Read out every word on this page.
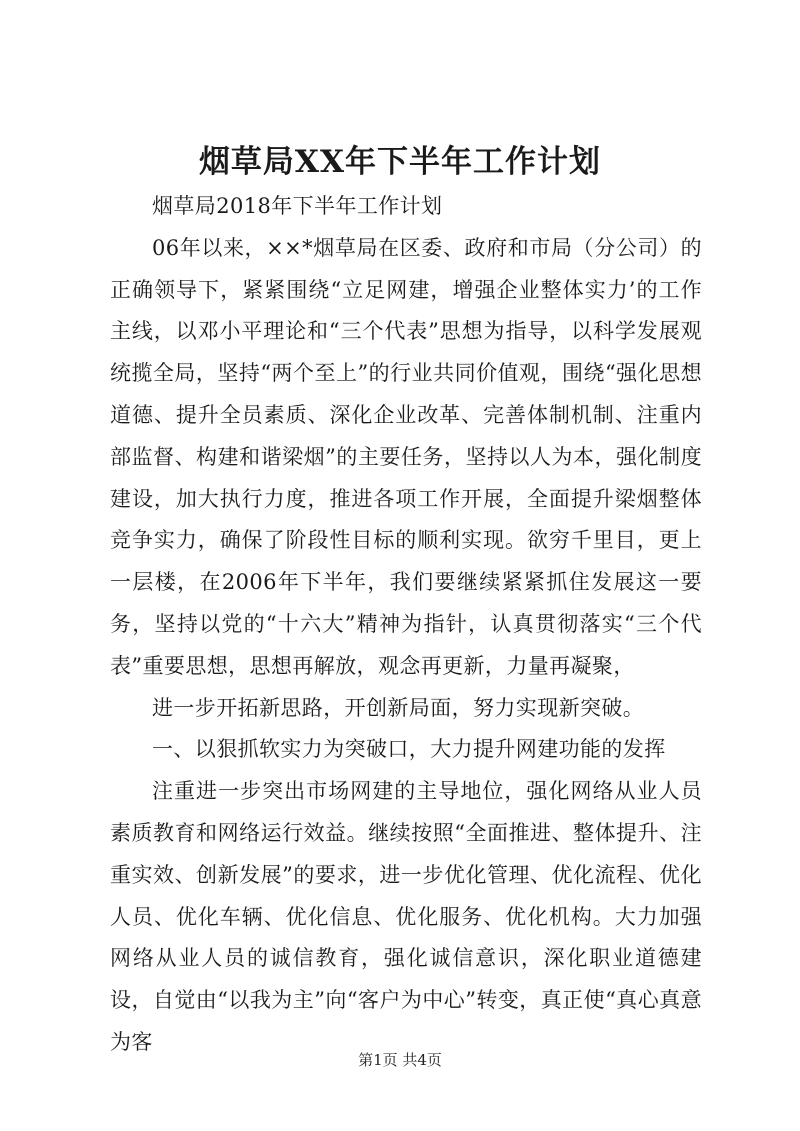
烟草局XX年下半年工作计划

烟草局2018年下半年工作计划

06年以来，××*烟草局在区委、政府和市局（分公司）的正确领导下，紧紧围绕“立足网建，增强企业整体实力’的工作主线，以邓小平理论和“三个代表”思想为指导，以科学发展观统揽全局，坚持“两个至上”的行业共同价值观，围绕“强化思想道德、提升全员素质、深化企业改革、完善体制机制、注重内部监督、构建和谐梁烟”的主要任务，坚持以人为本，强化制度建设，加大执行力度，推进各项工作开展，全面提升梁烟整体竞争实力，确保了阶段性目标的顺利实现。欲穷千里目，更上一层楼，在2006年下半年，我们要继续紧紧抓住发展这一要务，坚持以党的“十六大”精神为指针，认真贯彻落实“三个代表”重要思想，思想再解放，观念再更新，力量再凝聚，

进一步开拓新思路，开创新局面，努力实现新突破。

一、以狠抓软实力为突破口，大力提升网建功能的发挥

注重进一步突出市场网建的主导地位，强化网络从业人员素质教育和网络运行效益。继续按照“全面推进、整体提升、注重实效、创新发展”的要求，进一步优化管理、优化流程、优化人员、优化车辆、优化信息、优化服务、优化机构。大力加强网络从业人员的诚信教育，强化诚信意识，深化职业道德建设，自觉由“以我为主”向“客户为中心”转变，真正使“真心真意为客

第1页 共4页
